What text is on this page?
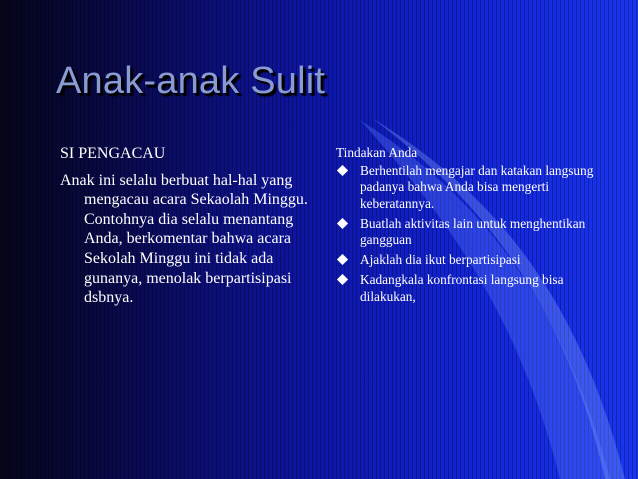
Anak-anak Sulit

SI PENGACAU

Anak ini selalu berbuat hal-hal yang mengacau acara Sekaolah Minggu. Contohnya dia selalu menantang Anda, berkomentar bahwa acara Sekolah Minggu ini tidak ada gunanya, menolak berpartisipasi dsbnya.

Tindakan Anda

Berhentilah mengajar dan katakan langsung padanya bahwa Anda bisa mengerti keberatannya.
Buatlah aktivitas lain untuk menghentikan gangguan
Ajaklah dia ikut berpartisipasi
Kadangkala konfrontasi langsung bisa dilakukan,
